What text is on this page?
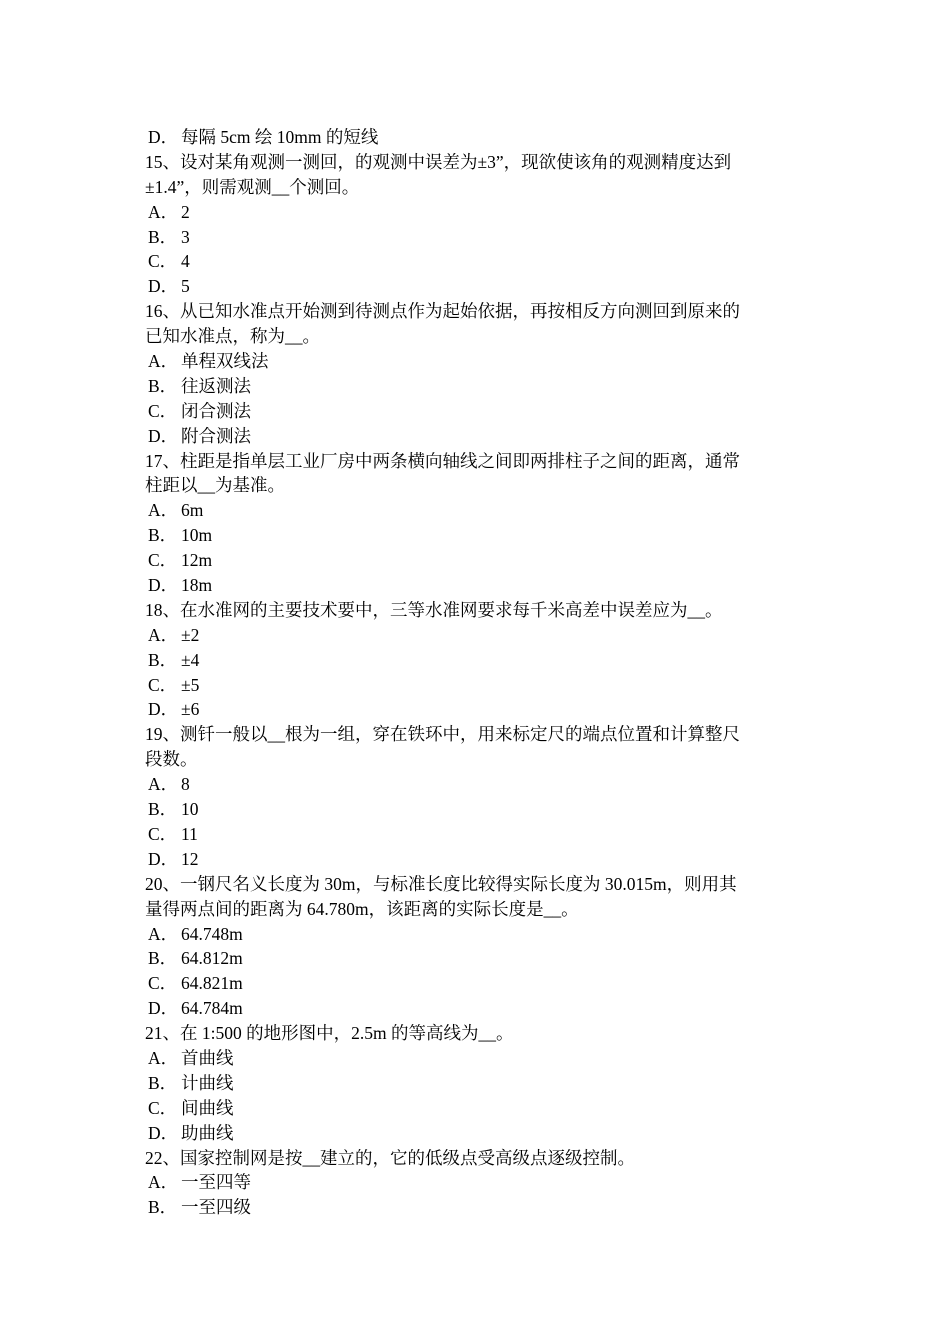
D． 每隔 5cm 绘 10mm 的短线
15、设对某角观测一测回，的观测中误差为±3”，现欲使该角的观测精度达到
±1.4”，则需观测__个测回。
A． 2
B． 3
C． 4
D． 5
16、从已知水准点开始测到待测点作为起始依据，再按相反方向测回到原来的
已知水准点，称为__。
A． 单程双线法
B． 往返测法
C． 闭合测法
D． 附合测法
17、柱距是指单层工业厂房中两条横向轴线之间即两排柱子之间的距离，通常
柱距以__为基准。
A． 6m
B． 10m
C． 12m
D． 18m
18、在水准网的主要技术要中，三等水准网要求每千米高差中误差应为__。
A． ±2
B． ±4
C． ±5
D． ±6
19、测钎一般以__根为一组，穿在铁环中，用来标定尺的端点位置和计算整尺
段数。
A． 8
B． 10
C． 11
D． 12
20、一钢尺名义长度为 30m，与标准长度比较得实际长度为 30.015m，则用其
量得两点间的距离为 64.780m，该距离的实际长度是__。
A． 64.748m
B． 64.812m
C． 64.821m
D． 64.784m
21、在 1:500 的地形图中，2.5m 的等高线为__。
A． 首曲线
B． 计曲线
C． 间曲线
D． 助曲线
22、国家控制网是按__建立的，它的低级点受高级点逐级控制。
A． 一至四等
B． 一至四级
